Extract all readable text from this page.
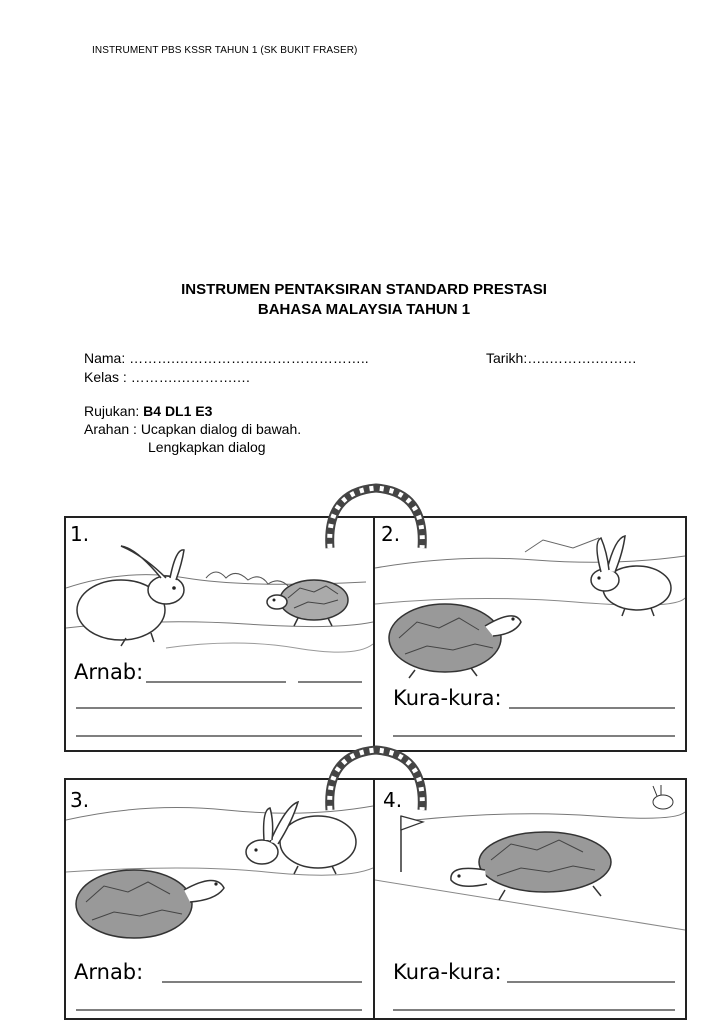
INSTRUMENT PBS KSSR TAHUN 1 (SK BUKIT FRASER)
INSTRUMEN PENTAKSIRAN STANDARD PRESTASI
BAHASA MALAYSIA TAHUN 1
Nama: ……….……………….…………………..	Tarikh:…..……….………
Kelas : ……….………….…
Rujukan: B4 DL1 E3
Arahan : Ucapkan dialog di bawah.
Lengkapkan dialog
1.
Arnab:
2.
Kura-kura:
3.
Arnab:
4.
Kura-kura:
